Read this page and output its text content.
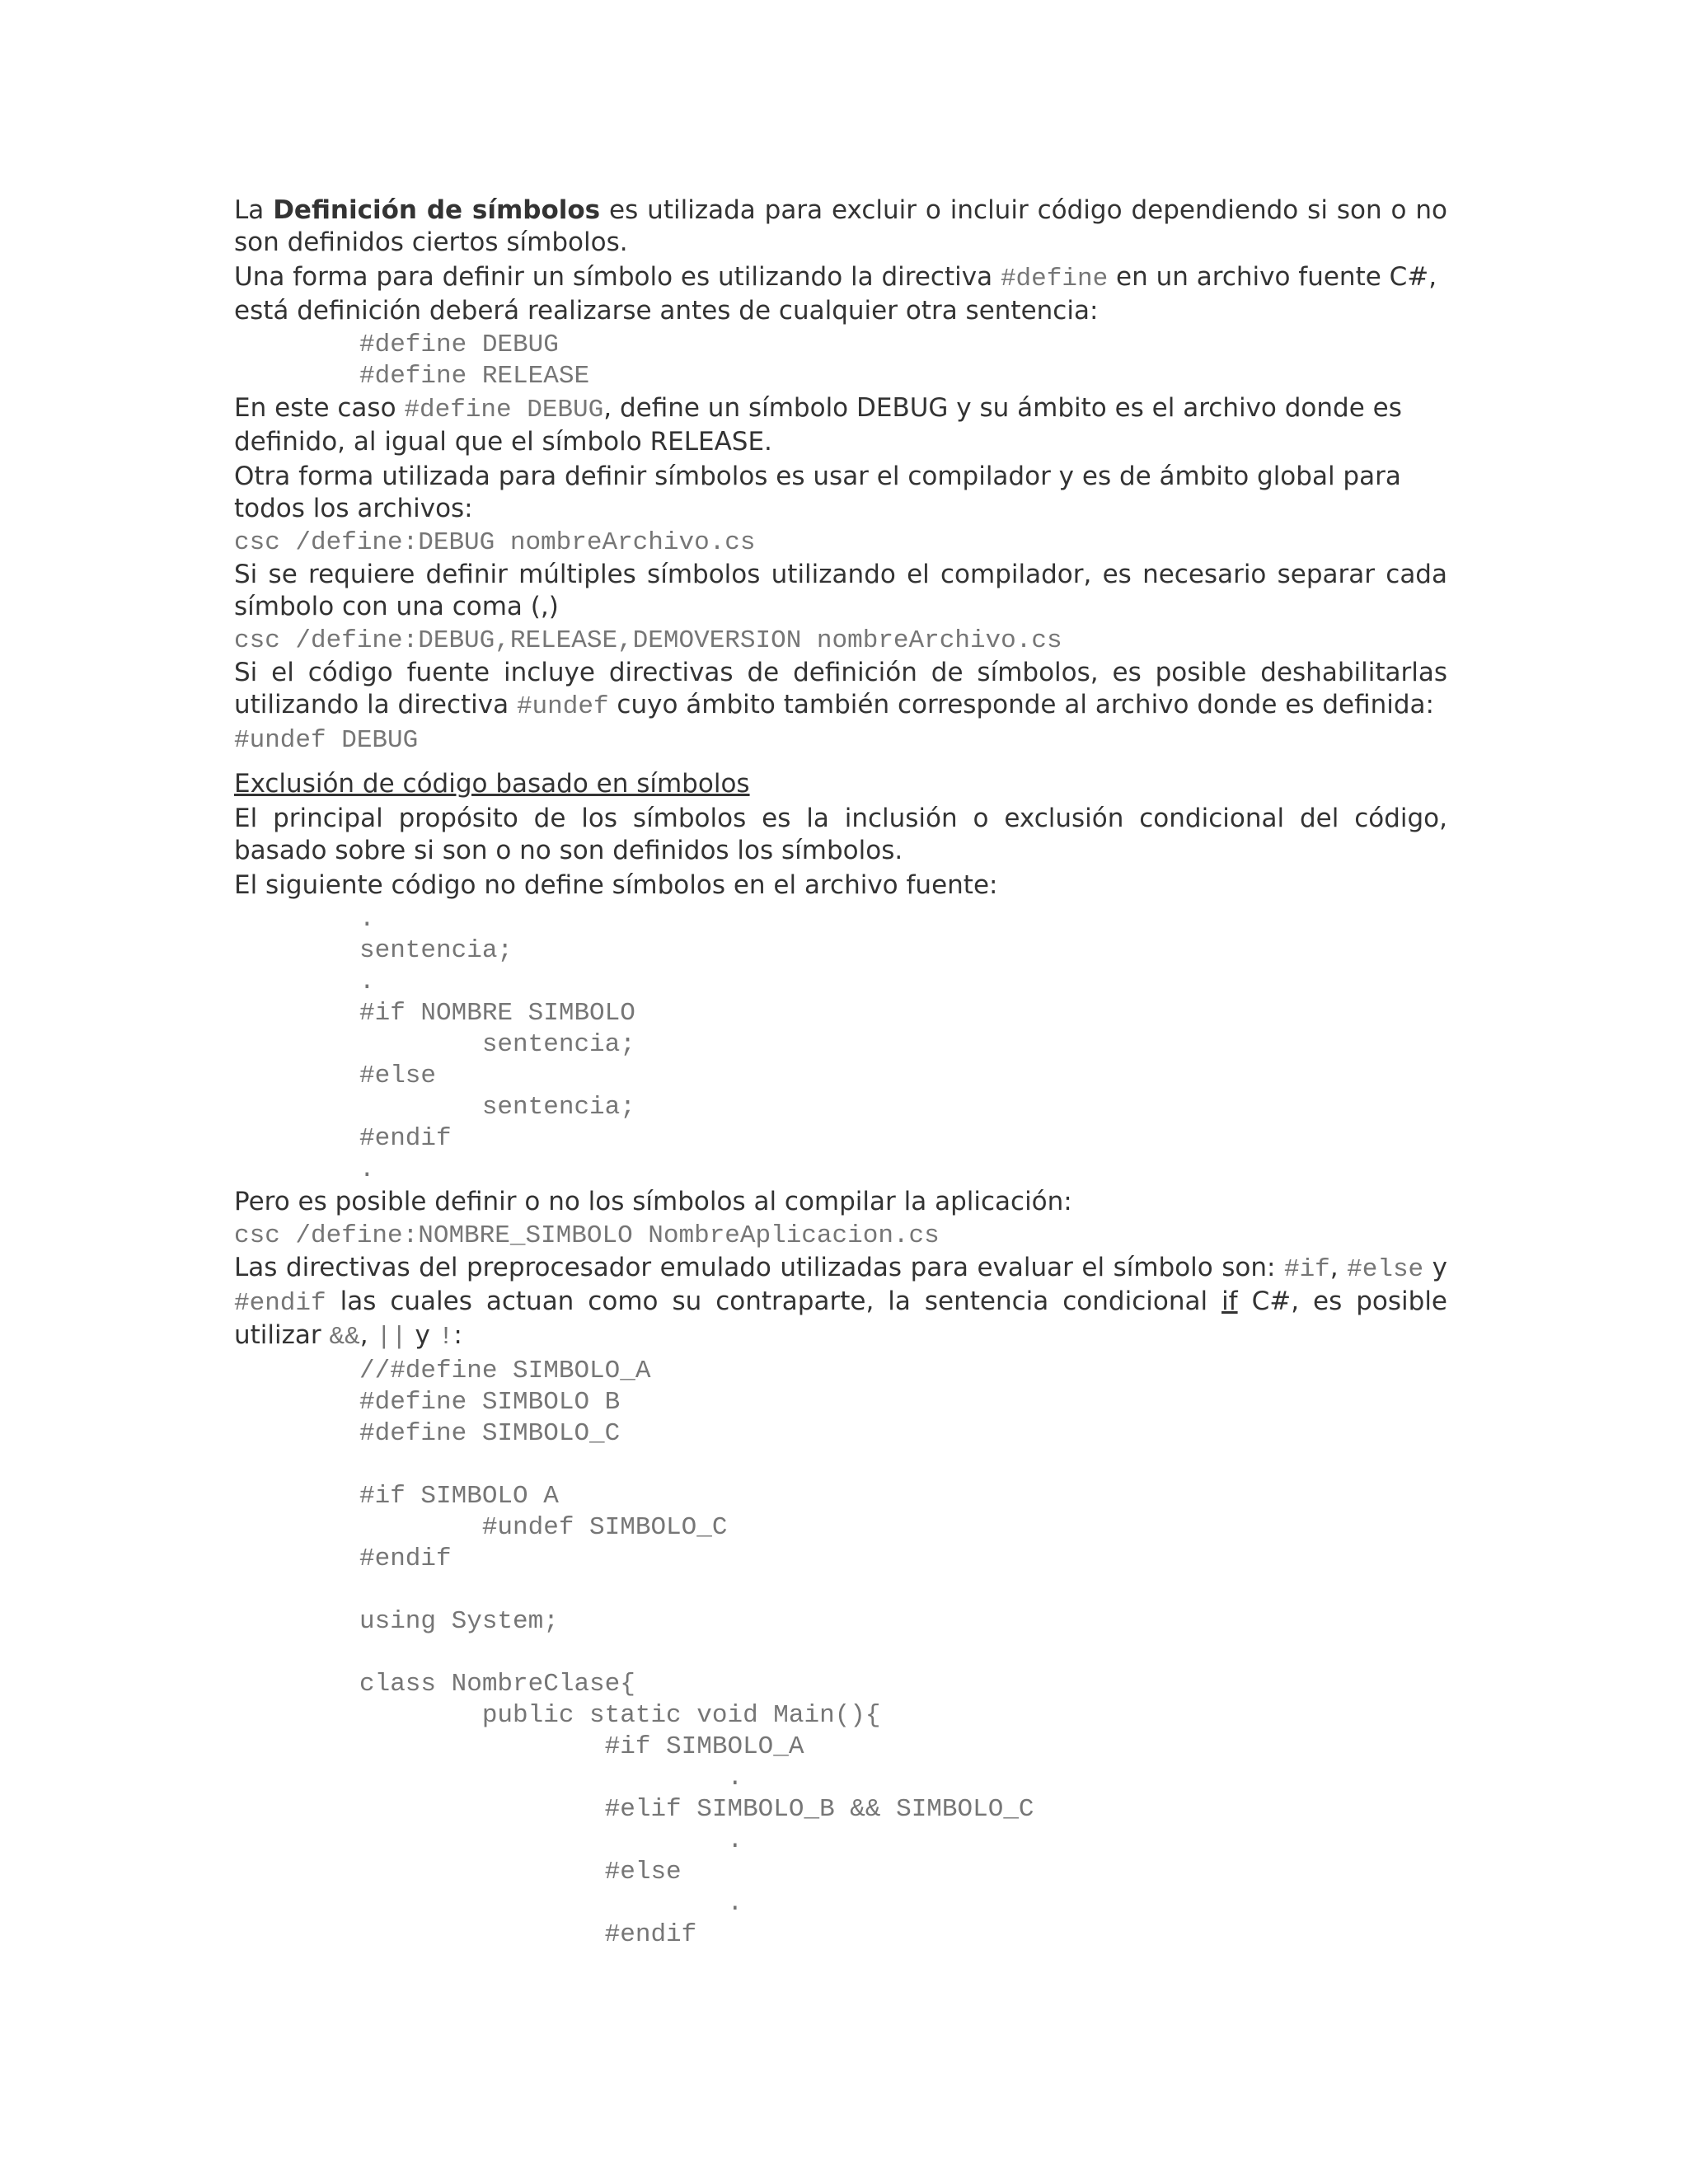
La Definición de símbolos es utilizada para excluir o incluir código dependiendo si son o no son definidos ciertos símbolos.

Una forma para definir un símbolo es utilizando la directiva #define en un archivo fuente C#, está definición deberá realizarse antes de cualquier otra sentencia:

#define DEBUG
#define RELEASE

En este caso #define DEBUG, define un símbolo DEBUG y su ámbito es el archivo donde es definido, al igual que el símbolo RELEASE.

Otra forma utilizada para definir símbolos es usar el compilador y es de ámbito global para todos los archivos:

csc /define:DEBUG nombreArchivo.cs

Si se requiere definir múltiples símbolos utilizando el compilador, es necesario separar cada símbolo con una coma (,)

csc /define:DEBUG,RELEASE,DEMOVERSION nombreArchivo.cs

Si el código fuente incluye directivas de definición de símbolos, es posible deshabilitarlas utilizando la directiva #undef cuyo ámbito también corresponde al archivo donde es definida:

#undef DEBUG

Exclusión de código basado en símbolos

El principal propósito de los símbolos es la inclusión o exclusión condicional del código, basado sobre si son o no son definidos los símbolos.

El siguiente código no define símbolos en el archivo fuente:

.
sentencia;
.
#if NOMBRE SIMBOLO
sentencia;
#else
sentencia;
#endif
.

Pero es posible definir o no los símbolos al compilar la aplicación:

csc /define:NOMBRE_SIMBOLO NombreAplicacion.cs

Las directivas del preprocesador emulado utilizadas para evaluar el símbolo son: #if, #else y #endif las cuales actuan como su contraparte, la sentencia condicional if C#, es posible utilizar &&, || y !:

//#define SIMBOLO_A
#define SIMBOLO B
#define SIMBOLO_C

#if SIMBOLO A
#undef SIMBOLO_C
#endif

using System;

class NombreClase{
public static void Main(){
#if SIMBOLO_A
.
#elif SIMBOLO_B && SIMBOLO_C
.
#else
.
#endif
